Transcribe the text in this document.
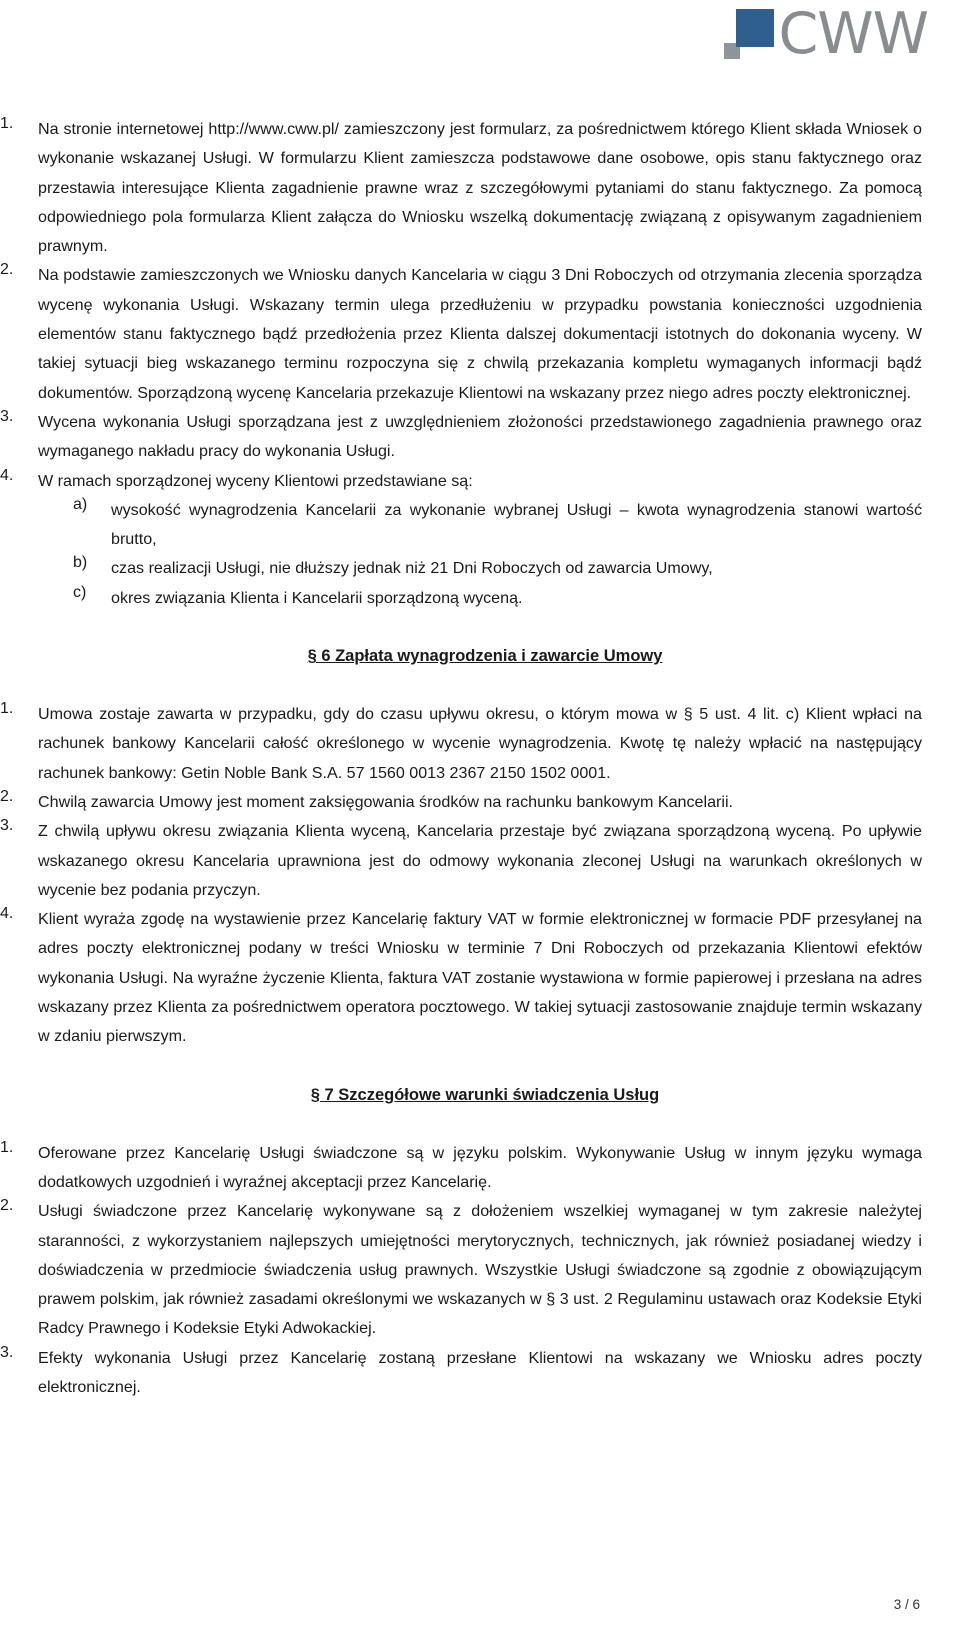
CWW
1.	Na stronie internetowej http://www.cww.pl/ zamieszczony jest formularz, za pośrednictwem którego Klient składa Wniosek o wykonanie wskazanej Usługi. W formularzu Klient zamieszcza podstawowe dane osobowe, opis stanu faktycznego oraz przestawia interesujące Klienta zagadnienie prawne wraz z szczegółowymi pytaniami do stanu faktycznego. Za pomocą odpowiedniego pola formularza Klient załącza do Wniosku wszelką dokumentację związaną z opisywanym zagadnieniem prawnym.

2.	Na podstawie zamieszczonych we Wniosku danych Kancelaria w ciągu 3 Dni Roboczych od otrzymania zlecenia sporządza wycenę wykonania Usługi. Wskazany termin ulega przedłużeniu w przypadku powstania konieczności uzgodnienia elementów stanu faktycznego bądź przedłożenia przez Klienta dalszej dokumentacji istotnych do dokonania wyceny. W takiej sytuacji bieg wskazanego terminu rozpoczyna się z chwilą przekazania kompletu wymaganych informacji bądź dokumentów. Sporządzoną wycenę Kancelaria przekazuje Klientowi na wskazany przez niego adres poczty elektronicznej.

3.	Wycena wykonania Usługi sporządzana jest z uwzględnieniem złożoności przedstawionego zagadnienia prawnego oraz wymaganego nakładu pracy do wykonania Usługi.

4.	W ramach sporządzonej wyceny Klientowi przedstawiane są:

a) wysokość wynagrodzenia Kancelarii za wykonanie wybranej Usługi – kwota wynagrodzenia stanowi wartość brutto,

b) czas realizacji Usługi, nie dłuższy jednak niż 21 Dni Roboczych od zawarcia Umowy,

c) okres związania Klienta i Kancelarii sporządzoną wyceną.

§ 6 Zapłata wynagrodzenia i zawarcie Umowy
1.	Umowa zostaje zawarta w przypadku, gdy do czasu upływu okresu, o którym mowa w § 5 ust. 4 lit. c) Klient wpłaci na rachunek bankowy Kancelarii całość określonego w wycenie wynagrodzenia. Kwotę tę należy wpłacić na następujący rachunek bankowy: Getin Noble Bank S.A. 57 1560 0013 2367 2150 1502 0001.

2.	Chwilą zawarcia Umowy jest moment zaksięgowania środków na rachunku bankowym Kancelarii.

3.	Z chwilą upływu okresu związania Klienta wyceną, Kancelaria przestaje być związana sporządzoną wyceną. Po upływie wskazanego okresu Kancelaria uprawniona jest do odmowy wykonania zleconej Usługi na warunkach określonych w wycenie bez podania przyczyn.

4.	Klient wyraża zgodę na wystawienie przez Kancelarię faktury VAT w formie elektronicznej w formacie PDF przesyłanej na adres poczty elektronicznej podany w treści Wniosku w terminie 7 Dni Roboczych od przekazania Klientowi efektów wykonania Usługi. Na wyraźne życzenie Klienta, faktura VAT zostanie wystawiona w formie papierowej i przesłana na adres wskazany przez Klienta za pośrednictwem operatora pocztowego. W takiej sytuacji zastosowanie znajduje termin wskazany w zdaniu pierwszym.

§ 7 Szczegółowe warunki świadczenia Usług
1.	Oferowane przez Kancelarię Usługi świadczone są w języku polskim. Wykonywanie Usług w innym języku wymaga dodatkowych uzgodnień i wyraźnej akceptacji przez Kancelarię.

2.	Usługi świadczone przez Kancelarię wykonywane są z dołożeniem wszelkiej wymaganej w tym zakresie należytej staranności, z wykorzystaniem najlepszych umiejętności merytorycznych, technicznych, jak również posiadanej wiedzy i doświadczenia w przedmiocie świadczenia usług prawnych. Wszystkie Usługi świadczone są zgodnie z obowiązującym prawem polskim, jak również zasadami określonymi we wskazanych w § 3 ust. 2 Regulaminu ustawach oraz Kodeksie Etyki Radcy Prawnego i Kodeksie Etyki Adwokackiej.

3.	Efekty wykonania Usługi przez Kancelarię zostaną przesłane Klientowi na wskazany we Wniosku adres poczty elektronicznej.

3 / 6
